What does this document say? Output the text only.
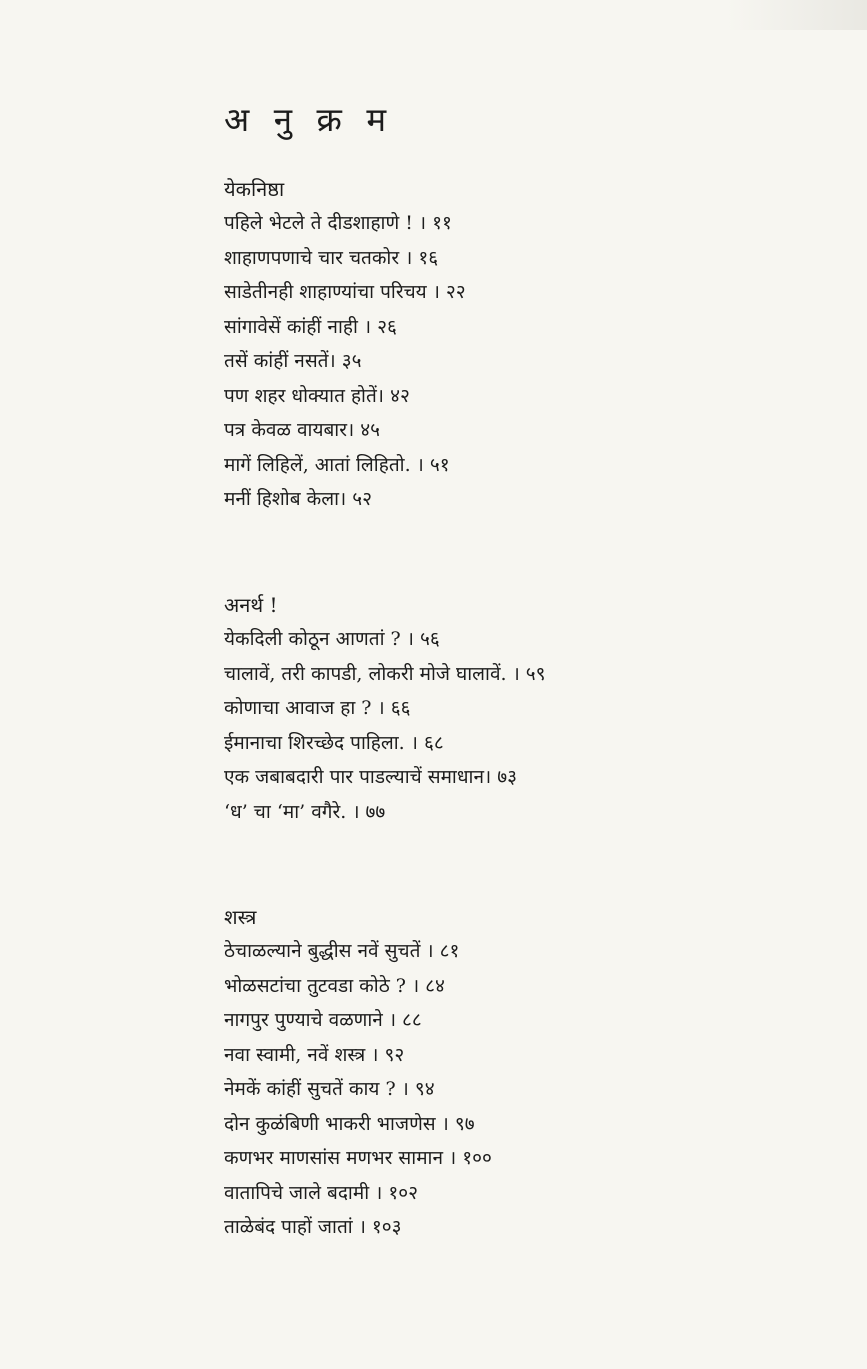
अ नु क्र म
येकनिष्ठा
पहिले भेटले ते दीडशाहाणे ! । ११
शाहाणपणाचे चार चतकोर । १६
साडेतीनही शाहाण्यांचा परिचय । २२
सांगावेसें कांहीं नाही । २६
तसें कांहीं नसतें। ३५
पण शहर धोक्यात होतें। ४२
पत्र केवळ वायबार। ४५
मागें लिहिलें, आतां लिहितो. । ५१
मनीं हिशोब केला। ५२
अनर्थ !
येकदिली कोठून आणतां ? । ५६
चालावें, तरी कापडी, लोकरी मोजे घालावें. । ५९
कोणाचा आवाज हा ? । ६६
ईमानाचा शिरच्छेद पाहिला. । ६८
एक जबाबदारी पार पाडल्याचें समाधान। ७३
‘ध’ चा ‘मा’ वगैरे. । ७७
शस्त्र
ठेचाळल्याने बुद्धीस नवें सुचतें । ८१
भोळसटांचा तुटवडा कोठे ? । ८४
नागपुर पुण्याचे वळणाने । ८८
नवा स्वामी, नवें शस्त्र । ९२
नेमकें कांहीं सुचतें काय ? । ९४
दोन कुळंबिणी भाकरी भाजणेस । ९७
कणभर माणसांस मणभर सामान । १००
वातापिचे जाले बदामी । १०२
ताळेबंद पाहों जातां । १०३
